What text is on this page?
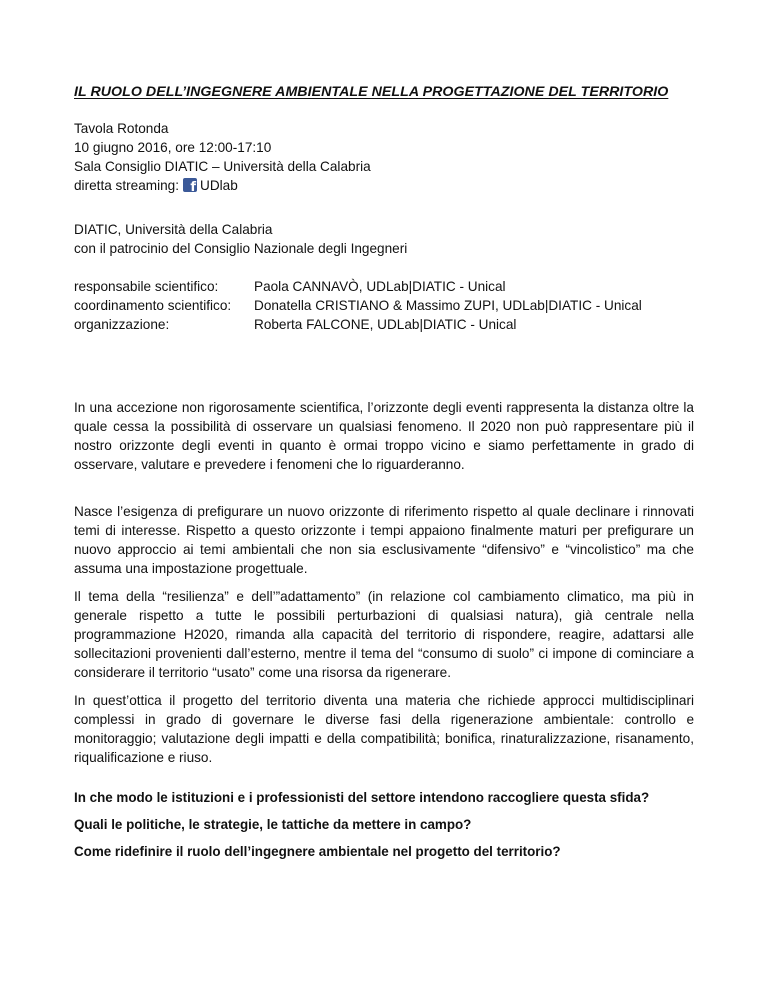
IL RUOLO DELL’INGEGNERE AMBIENTALE NELLA PROGETTAZIONE DEL TERRITORIO
Tavola Rotonda
10 giugno 2016, ore 12:00-17:10
Sala Consiglio DIATIC – Università della Calabria
diretta streaming: f UDlab
DIATIC, Università della Calabria
con il patrocinio del Consiglio Nazionale degli Ingegneri
responsabile scientifico:	Paola CANNAVÒ, UDLab|DIATIC - Unical
coordinamento scientifico:	Donatella CRISTIANO & Massimo ZUPI, UDLab|DIATIC - Unical
organizzazione:	Roberta FALCONE, UDLab|DIATIC - Unical

In una accezione non rigorosamente scientifica, l’orizzonte degli eventi rappresenta la distanza oltre la quale cessa la possibilità di osservare un qualsiasi fenomeno. Il 2020 non può rappresentare più il nostro orizzonte degli eventi in quanto è ormai troppo vicino e siamo perfettamente in grado di osservare, valutare e prevedere i fenomeni che lo riguarderanno.

Nasce l’esigenza di prefigurare un nuovo orizzonte di riferimento rispetto al quale declinare i rinnovati temi di interesse. Rispetto a questo orizzonte i tempi appaiono finalmente maturi per prefigurare un nuovo approccio ai temi ambientali che non sia esclusivamente “difensivo” e “vincolistico” ma che assuma una impostazione progettuale.

Il tema della “resilienza” e dell’”adattamento” (in relazione col cambiamento climatico, ma più in generale rispetto a tutte le possibili perturbazioni di qualsiasi natura), già centrale nella programmazione H2020, rimanda alla capacità del territorio di rispondere, reagire, adattarsi alle sollecitazioni provenienti dall’esterno, mentre il tema del “consumo di suolo” ci impone di cominciare a considerare il territorio “usato” come una risorsa da rigenerare.

In quest’ottica il progetto del territorio diventa una materia che richiede approcci multidisciplinari complessi in grado di governare le diverse fasi della rigenerazione ambientale: controllo e monitoraggio; valutazione degli impatti e della compatibilità; bonifica, rinaturalizzazione, risanamento, riqualificazione e riuso.

In che modo le istituzioni e i professionisti del settore intendono raccogliere questa sfida?
Quali le politiche, le strategie, le tattiche da mettere in campo?
Come ridefinire il ruolo dell’ingegnere ambientale nel progetto del territorio?
